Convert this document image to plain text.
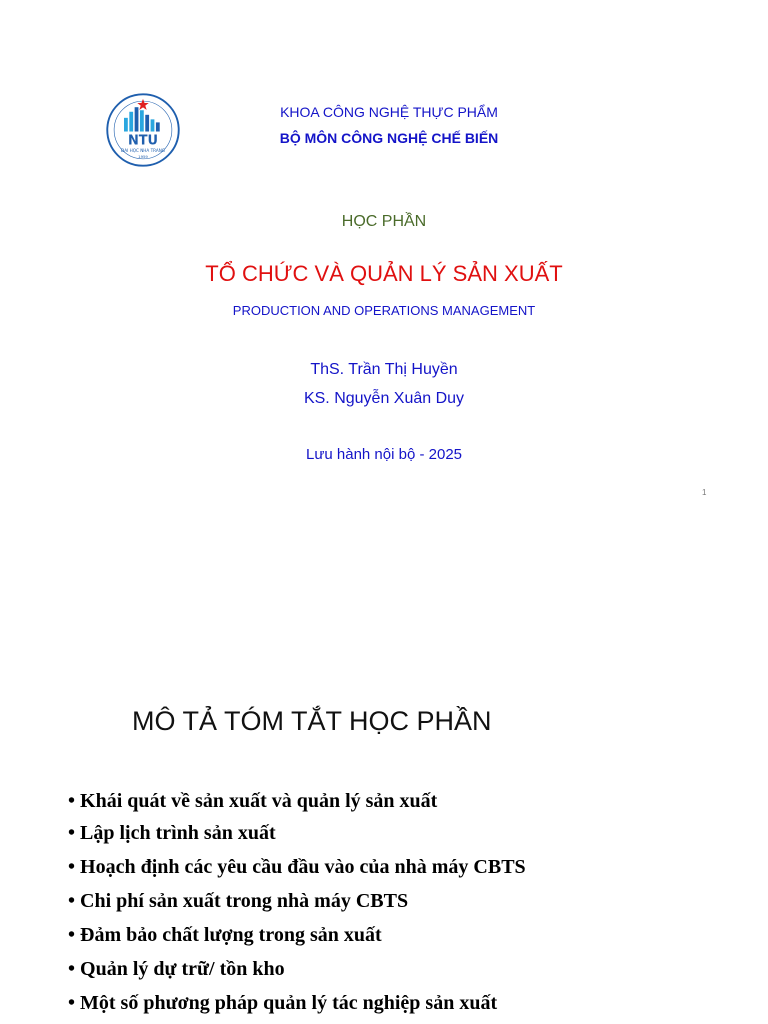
NTU
ĐẠI HỌC NHA TRANG
1959
KHOA CÔNG NGHỆ THỰC PHẨM
BỘ MÔN CÔNG NGHỆ CHẾ BIẾN
HỌC PHẦN
TỔ CHỨC VÀ QUẢN LÝ SẢN XUẤT
PRODUCTION AND OPERATIONS MANAGEMENT
ThS. Trần Thị Huyền
KS. Nguyễn Xuân Duy
Lưu hành nội bộ - 2025
1
MÔ TẢ TÓM TẮT HỌC PHẦN
• Khái quát về sản xuất và quản lý sản xuất
• Lập lịch trình sản xuất
• Hoạch định các yêu cầu đầu vào của nhà máy CBTS
• Chi phí sản xuất trong nhà máy CBTS
• Đảm bảo chất lượng trong sản xuất
• Quản lý dự trữ/ tồn kho
• Một số phương pháp quản lý tác nghiệp sản xuất
